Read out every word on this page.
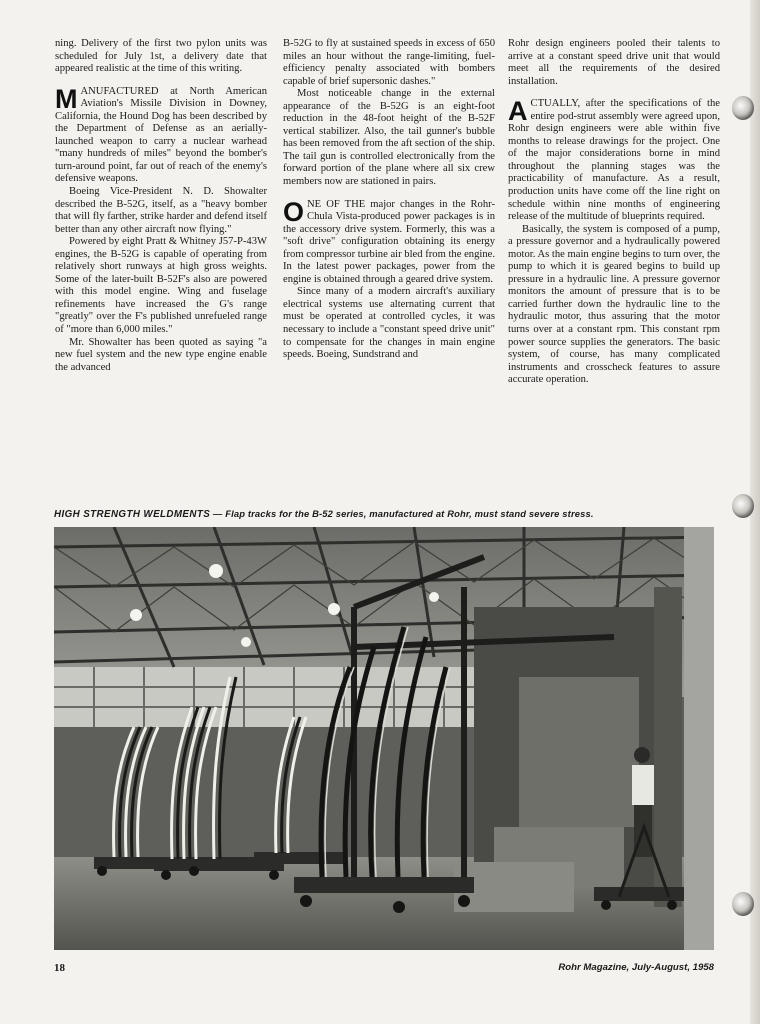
ning. Delivery of the first two pylon units was scheduled for July 1st, a delivery date that appeared realistic at the time of this writing.

MANUFACTURED at North American Aviation's Missile Division in Downey, California, the Hound Dog has been described by the Department of Defense as an aerially-launched weapon to carry a nuclear warhead "many hundreds of miles" beyond the bomber's turn-around point, far out of reach of the enemy's defensive weapons.

Boeing Vice-President N. D. Showalter described the B-52G, itself, as a "heavy bomber that will fly farther, strike harder and defend itself better than any other aircraft now flying."

Powered by eight Pratt & Whitney J57-P-43W engines, the B-52G is capable of operating from relatively short runways at high gross weights. Some of the later-built B-52F's also are powered with this model engine. Wing and fuselage refinements have increased the G's range "greatly" over the F's published unrefueled range of "more than 6,000 miles."

Mr. Showalter has been quoted as saying "a new fuel system and the new type engine enable the advanced

B-52G to fly at sustained speeds in excess of 650 miles an hour without the range-limiting, fuel-efficiency penalty associated with bombers capable of brief supersonic dashes."

Most noticeable change in the external appearance of the B-52G is an eight-foot reduction in the 48-foot height of the B-52F vertical stabilizer. Also, the tail gunner's bubble has been removed from the aft section of the ship. The tail gun is controlled electronically from the forward portion of the plane where all six crew members now are stationed in pairs.

ONE OF THE major changes in the Rohr-Chula Vista-produced power packages is in the accessory drive system. Formerly, this was a "soft drive" configuration obtaining its energy from compressor turbine air bled from the engine. In the latest power packages, power from the engine is obtained through a geared drive system.

Since many of a modern aircraft's auxiliary electrical systems use alternating current that must be operated at controlled cycles, it was necessary to include a "constant speed drive unit" to compensate for the changes in main engine speeds. Boeing, Sundstrand and

Rohr design engineers pooled their talents to arrive at a constant speed drive unit that would meet all the requirements of the desired installation.

ACTUALLY, after the specifications of the entire pod-strut assembly were agreed upon, Rohr design engineers were able within five months to release drawings for the project. One of the major considerations borne in mind throughout the planning stages was the practicability of manufacture. As a result, production units have come off the line right on schedule within nine months of engineering release of the multitude of blueprints required.

Basically, the system is composed of a pump, a pressure governor and a hydraulically powered motor. As the main engine begins to turn over, the pump to which it is geared begins to build up pressure in a hydraulic line. A pressure governor monitors the amount of pressure that is to be carried further down the hydraulic line to the hydraulic motor, thus assuring that the motor turns over at a constant rpm. This constant rpm power source supplies the generators. The basic system, of course, has many complicated instruments and crosscheck features to assure accurate operation.

HIGH STRENGTH WELDMENTS — Flap tracks for the B-52 series, manufactured at Rohr, must stand severe stress.
18	Rohr Magazine, July-August, 1958
